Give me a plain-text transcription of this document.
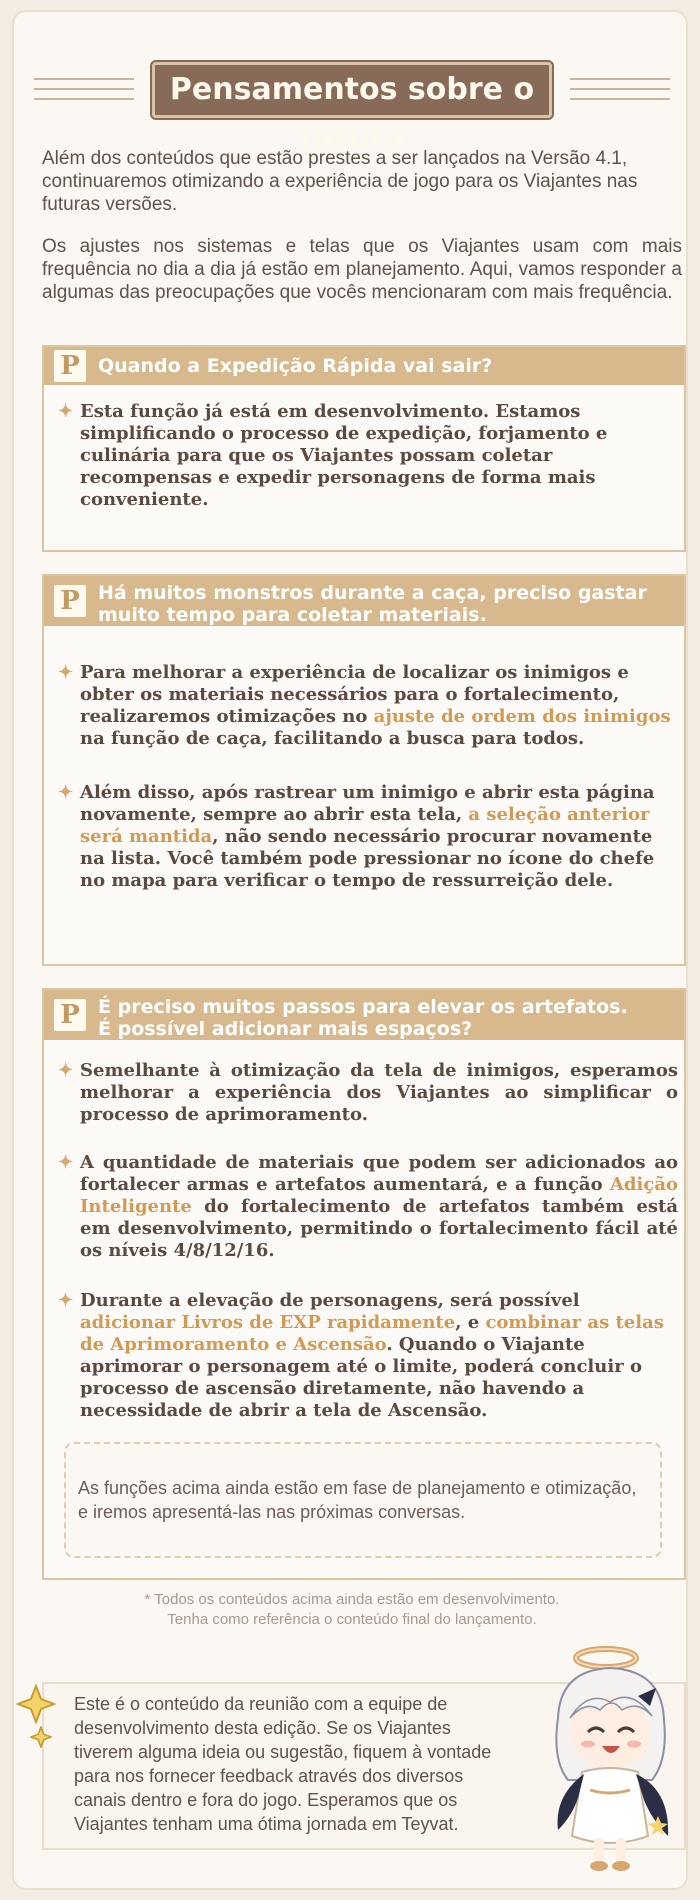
Pensamentos sobre o futuro
Além dos conteúdos que estão prestes a ser lançados na Versão 4.1, continuaremos otimizando a experiência de jogo para os Viajantes nas futuras versões.
Os ajustes nos sistemas e telas que os Viajantes usam com mais frequência no dia a dia já estão em planejamento. Aqui, vamos responder a algumas das preocupações que vocês mencionaram com mais frequência.
P Quando a Expedição Rápida vai sair?
✦ Esta função já está em desenvolvimento. Estamos simplificando o processo de expedição, forjamento e culinária para que os Viajantes possam coletar recompensas e expedir personagens de forma mais conveniente.
P Há muitos monstros durante a caça, preciso gastar muito tempo para coletar materiais.
✦ Para melhorar a experiência de localizar os inimigos e obter os materiais necessários para o fortalecimento, realizaremos otimizações no ajuste de ordem dos inimigos na função de caça, facilitando a busca para todos.
✦ Além disso, após rastrear um inimigo e abrir esta página novamente, sempre ao abrir esta tela, a seleção anterior será mantida, não sendo necessário procurar novamente na lista. Você também pode pressionar no ícone do chefe no mapa para verificar o tempo de ressurreição dele.
P É preciso muitos passos para elevar os artefatos.
É possível adicionar mais espaços?
✦ Semelhante à otimização da tela de inimigos, esperamos melhorar a experiência dos Viajantes ao simplificar o processo de aprimoramento.
✦ A quantidade de materiais que podem ser adicionados ao fortalecer armas e artefatos aumentará, e a função Adição Inteligente do fortalecimento de artefatos também está em desenvolvimento, permitindo o fortalecimento fácil até os níveis 4/8/12/16.
✦ Durante a elevação de personagens, será possível adicionar Livros de EXP rapidamente, e combinar as telas de Aprimoramento e Ascensão. Quando o Viajante aprimorar o personagem até o limite, poderá concluir o processo de ascensão diretamente, não havendo a necessidade de abrir a tela de Ascensão.
As funções acima ainda estão em fase de planejamento e otimização, e iremos apresentá-las nas próximas conversas.
* Todos os conteúdos acima ainda estão em desenvolvimento.
Tenha como referência o conteúdo final do lançamento.
Este é o conteúdo da reunião com a equipe de desenvolvimento desta edição. Se os Viajantes tiverem alguma ideia ou sugestão, fiquem à vontade para nos fornecer feedback através dos diversos canais dentro e fora do jogo. Esperamos que os Viajantes tenham uma ótima jornada em Teyvat.
